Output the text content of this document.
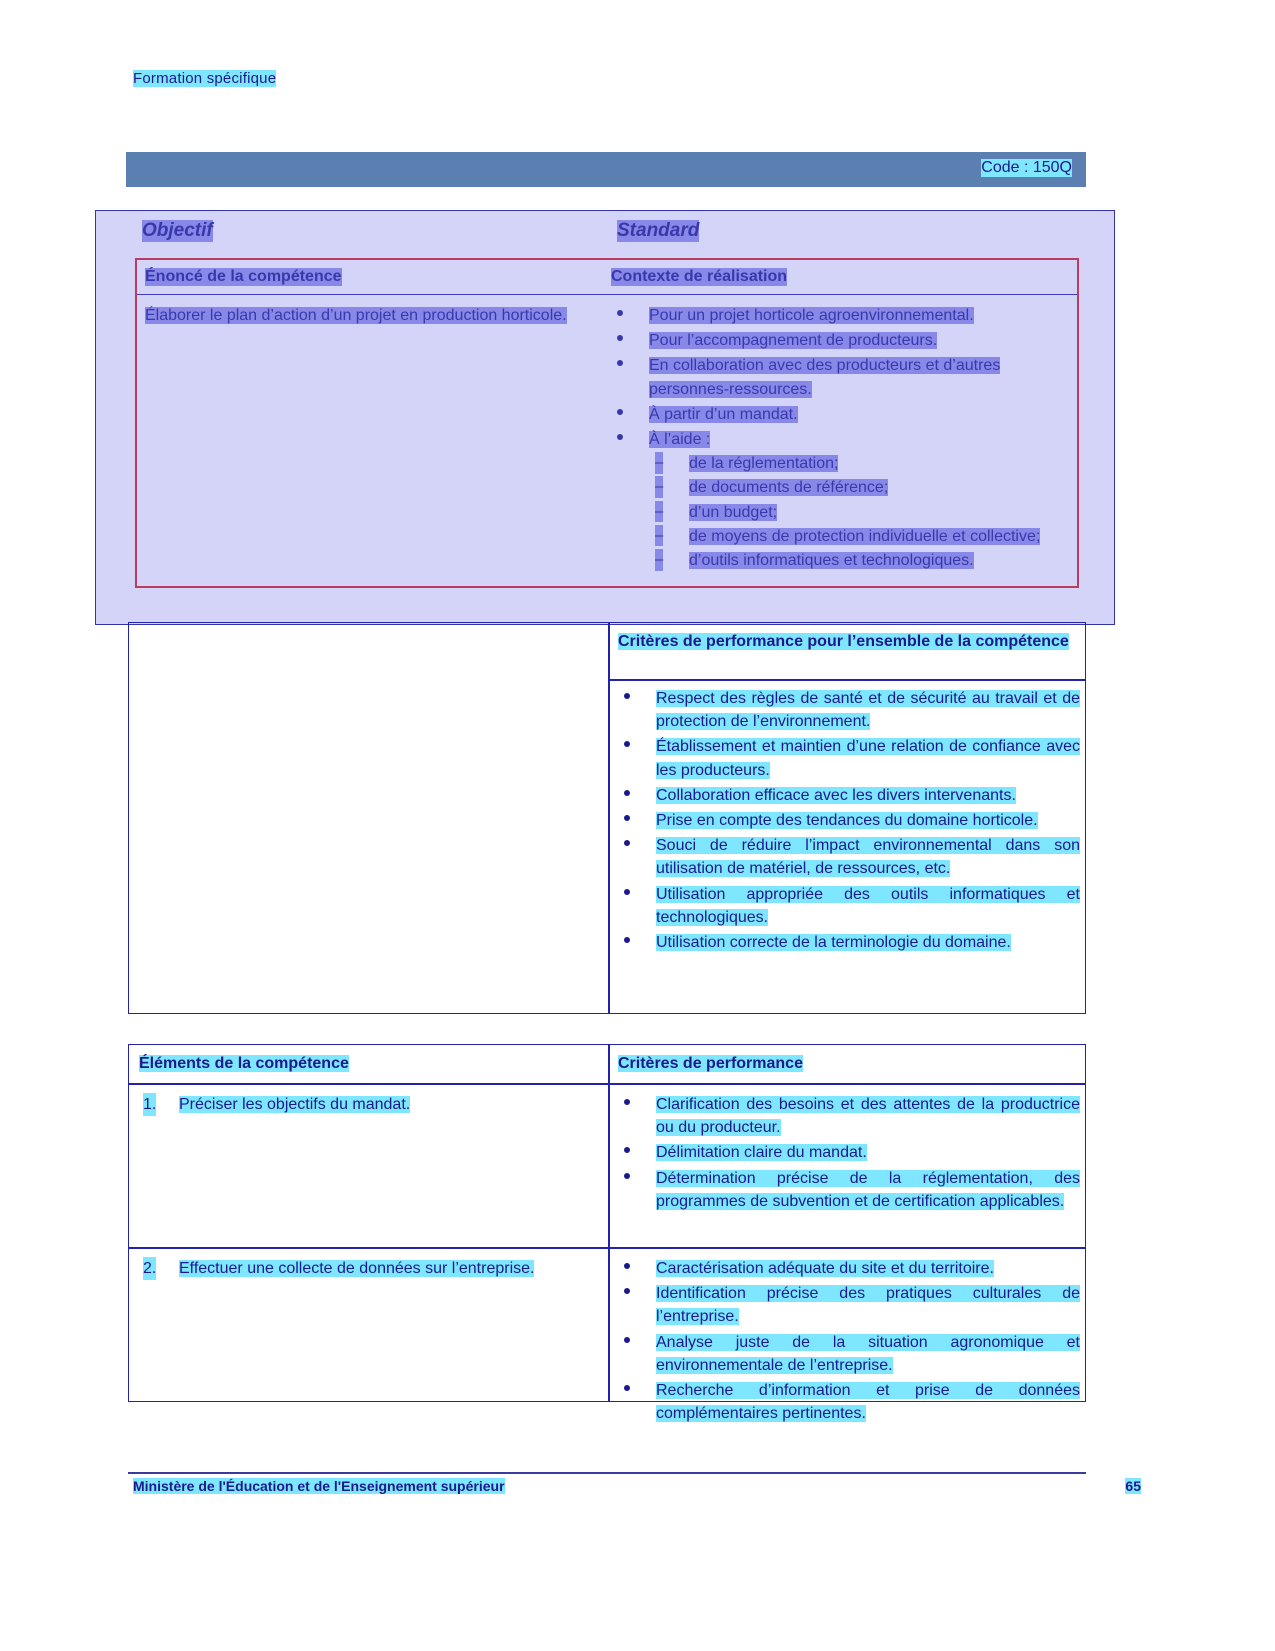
Formation spécifique
Code : 150Q
Objectif	Standard
Énoncé de la compétence	Contexte de réalisation
Élaborer le plan d’action d’un projet en production horticole.	Pour un projet horticole agroenvironnemental.
Pour l’accompagnement de producteurs.
En collaboration avec des producteurs et d’autres personnes-ressources.
À partir d’un mandat.
À l’aide :
‒ de la réglementation;
‒ de documents de référence;
‒ d’un budget;
‒ de moyens de protection individuelle et collective;
‒ d’outils informatiques et technologiques.
Critères de performance pour l’ensemble de la compétence
Respect des règles de santé et de sécurité au travail et de protection de l’environnement.
Établissement et maintien d’une relation de confiance avec les producteurs.
Collaboration efficace avec les divers intervenants.
Prise en compte des tendances du domaine horticole.
Souci de réduire l’impact environnemental dans son utilisation de matériel, de ressources, etc.
Utilisation appropriée des outils informatiques et technologiques.
Utilisation correcte de la terminologie du domaine.
Éléments de la compétence	Critères de performance
1. Préciser les objectifs du mandat.	Clarification des besoins et des attentes de la productrice ou du producteur.
Délimitation claire du mandat.
Détermination précise de la réglementation, des programmes de subvention et de certification applicables.
2. Effectuer une collecte de données sur l’entreprise.	Caractérisation adéquate du site et du territoire.
Identification précise des pratiques culturales de l’entreprise.
Analyse juste de la situation agronomique et environnementale de l’entreprise.
Recherche d’information et prise de données complémentaires pertinentes.
Ministère de l'Éducation et de l'Enseignement supérieur	65
